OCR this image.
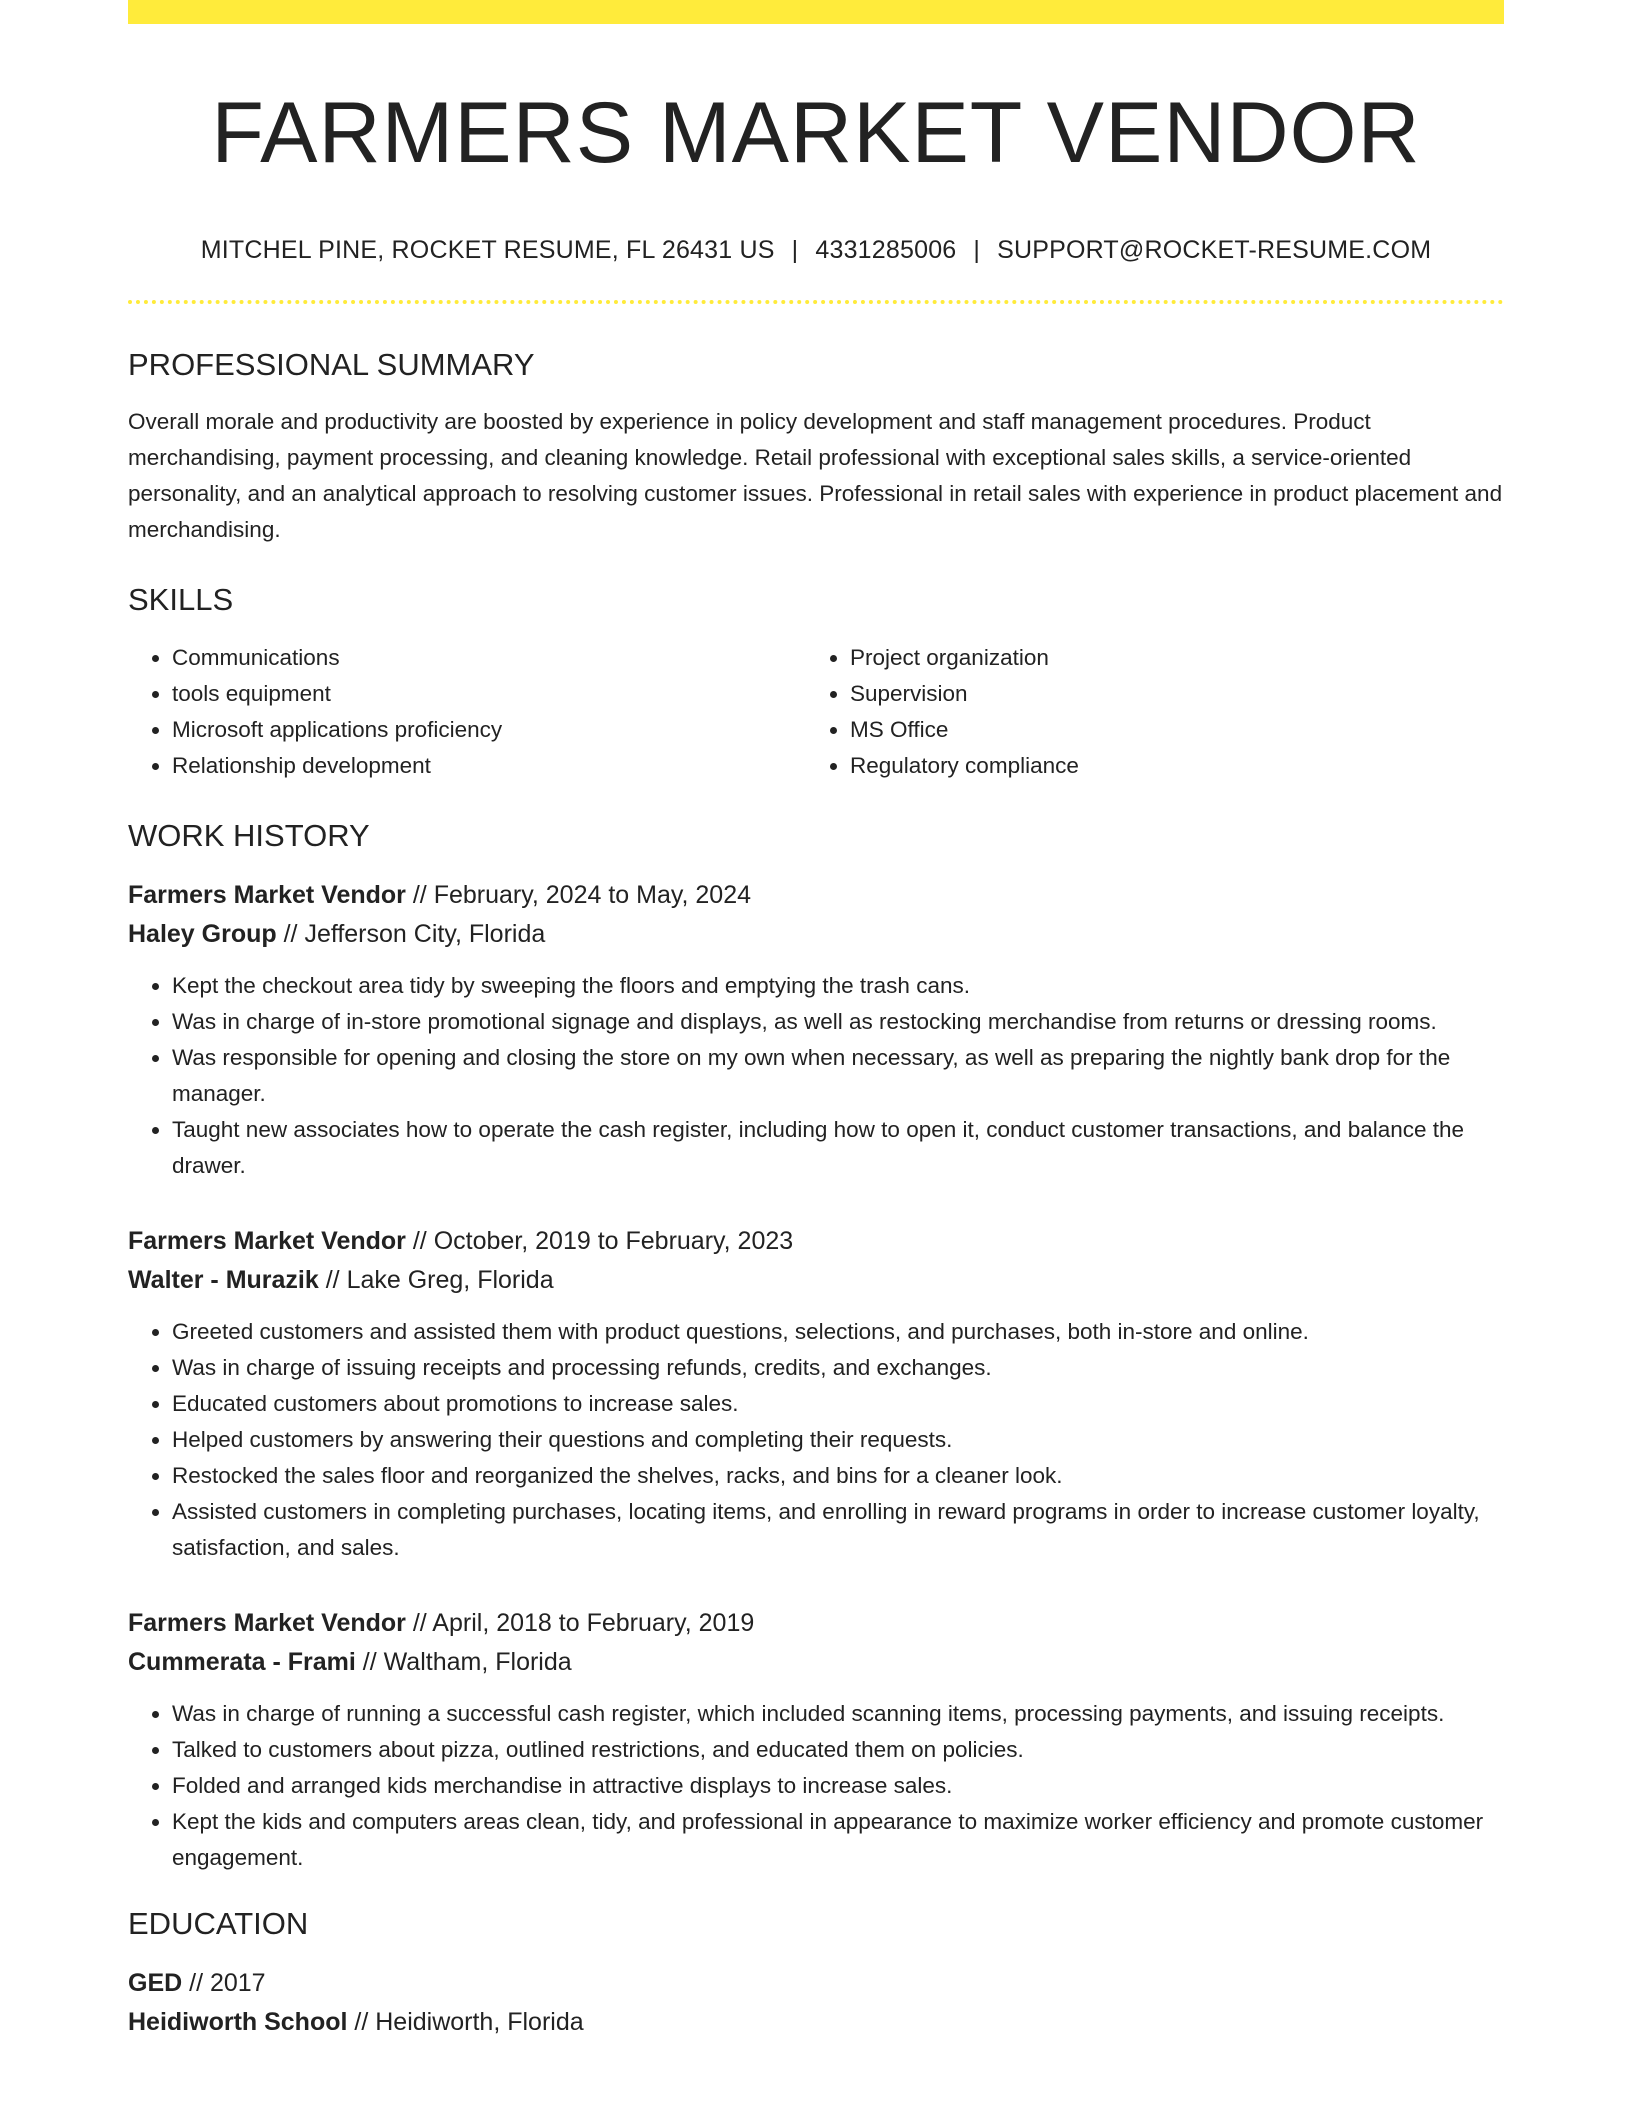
FARMERS MARKET VENDOR
MITCHEL PINE, ROCKET RESUME, FL 26431 US | 4331285006 | SUPPORT@ROCKET-RESUME.COM
PROFESSIONAL SUMMARY
Overall morale and productivity are boosted by experience in policy development and staff management procedures. Product merchandising, payment processing, and cleaning knowledge. Retail professional with exceptional sales skills, a service-oriented personality, and an analytical approach to resolving customer issues. Professional in retail sales with experience in product placement and merchandising.
SKILLS
• Communications
• tools equipment
• Microsoft applications proficiency
• Relationship development
• Project organization
• Supervision
• MS Office
• Regulatory compliance
WORK HISTORY
Farmers Market Vendor // February, 2024 to May, 2024
Haley Group // Jefferson City, Florida
• Kept the checkout area tidy by sweeping the floors and emptying the trash cans.
• Was in charge of in-store promotional signage and displays, as well as restocking merchandise from returns or dressing rooms.
• Was responsible for opening and closing the store on my own when necessary, as well as preparing the nightly bank drop for the manager.
• Taught new associates how to operate the cash register, including how to open it, conduct customer transactions, and balance the drawer.
Farmers Market Vendor // October, 2019 to February, 2023
Walter - Murazik // Lake Greg, Florida
• Greeted customers and assisted them with product questions, selections, and purchases, both in-store and online.
• Was in charge of issuing receipts and processing refunds, credits, and exchanges.
• Educated customers about promotions to increase sales.
• Helped customers by answering their questions and completing their requests.
• Restocked the sales floor and reorganized the shelves, racks, and bins for a cleaner look.
• Assisted customers in completing purchases, locating items, and enrolling in reward programs in order to increase customer loyalty, satisfaction, and sales.
Farmers Market Vendor // April, 2018 to February, 2019
Cummerata - Frami // Waltham, Florida
• Was in charge of running a successful cash register, which included scanning items, processing payments, and issuing receipts.
• Talked to customers about pizza, outlined restrictions, and educated them on policies.
• Folded and arranged kids merchandise in attractive displays to increase sales.
• Kept the kids and computers areas clean, tidy, and professional in appearance to maximize worker efficiency and promote customer engagement.
EDUCATION
GED // 2017
Heidiworth School // Heidiworth, Florida
